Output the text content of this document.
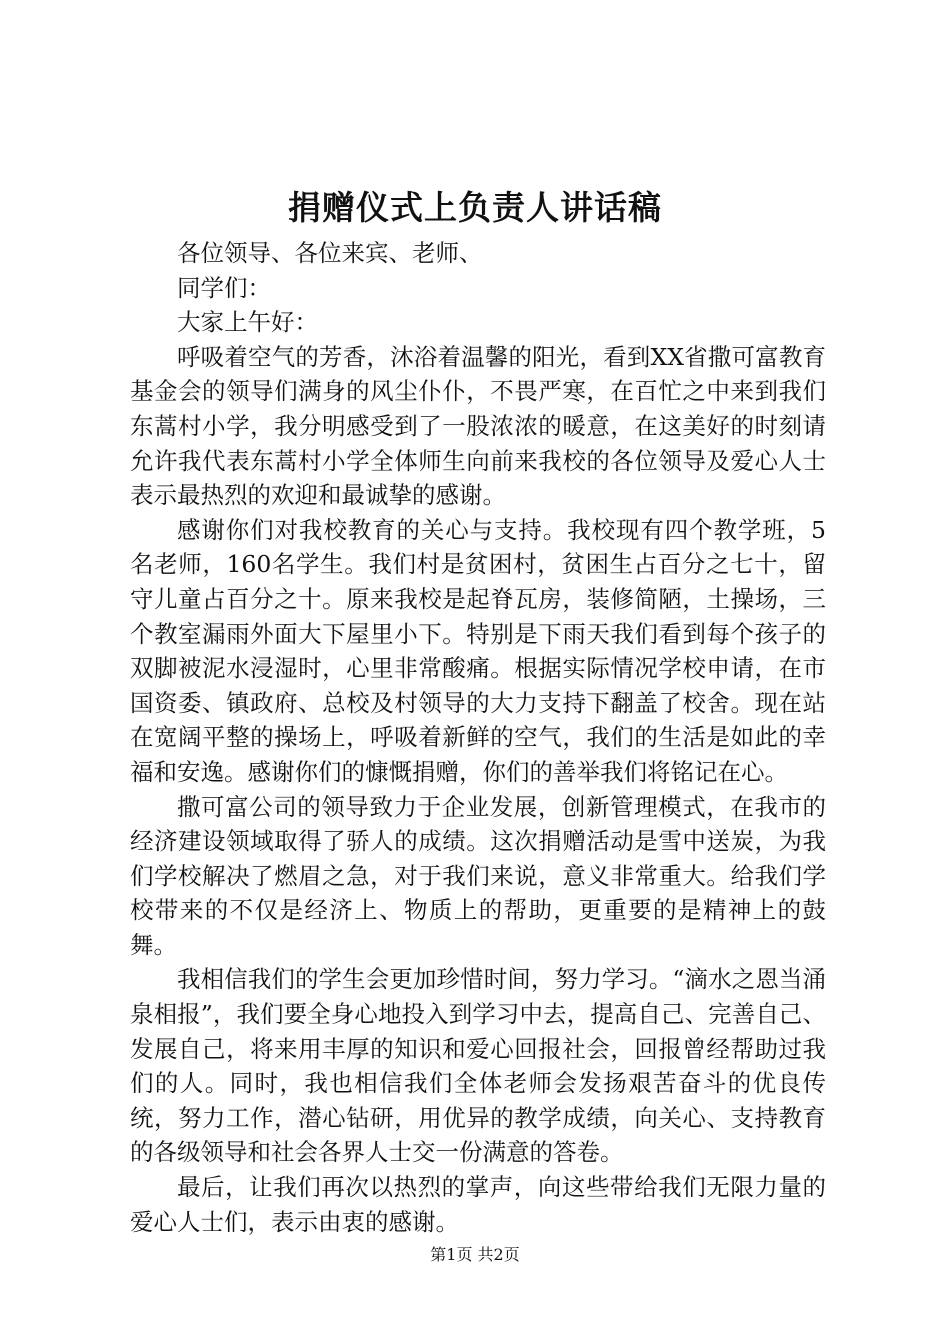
捐赠仪式上负责人讲话稿

各位领导、各位来宾、老师、

同学们：

大家上午好：

呼吸着空气的芳香，沐浴着温馨的阳光，看到XX省撒可富教育基金会的领导们满身的风尘仆仆，不畏严寒，在百忙之中来到我们东蒿村小学，我分明感受到了一股浓浓的暖意，在这美好的时刻请允许我代表东蒿村小学全体师生向前来我校的各位领导及爱心人士表示最热烈的欢迎和最诚挚的感谢。

感谢你们对我校教育的关心与支持。我校现有四个教学班，5名老师，160名学生。我们村是贫困村，贫困生占百分之七十，留守儿童占百分之十。原来我校是起脊瓦房，装修简陋，土操场，三个教室漏雨外面大下屋里小下。特别是下雨天我们看到每个孩子的双脚被泥水浸湿时，心里非常酸痛。根据实际情况学校申请，在市国资委、镇政府、总校及村领导的大力支持下翻盖了校舍。现在站在宽阔平整的操场上，呼吸着新鲜的空气，我们的生活是如此的幸福和安逸。感谢你们的慷慨捐赠，你们的善举我们将铭记在心。

撒可富公司的领导致力于企业发展，创新管理模式，在我市的经济建设领域取得了骄人的成绩。这次捐赠活动是雪中送炭，为我们学校解决了燃眉之急，对于我们来说，意义非常重大。给我们学校带来的不仅是经济上、物质上的帮助，更重要的是精神上的鼓舞。

我相信我们的学生会更加珍惜时间，努力学习。“滴水之恩当涌泉相报”，我们要全身心地投入到学习中去，提高自己、完善自己、发展自己，将来用丰厚的知识和爱心回报社会，回报曾经帮助过我们的人。同时，我也相信我们全体老师会发扬艰苦奋斗的优良传统，努力工作，潜心钻研，用优异的教学成绩，向关心、支持教育的各级领导和社会各界人士交一份满意的答卷。

最后，让我们再次以热烈的掌声，向这些带给我们无限力量的爱心人士们，表示由衷的感谢。

第1页 共2页
